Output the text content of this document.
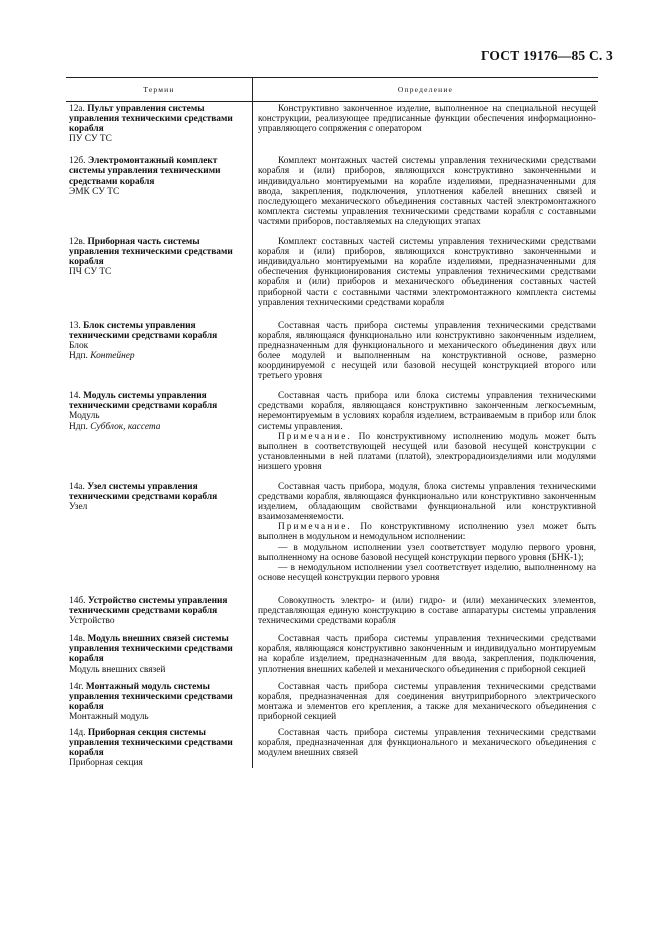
ГОСТ 19176—85 С. 3
Термин	Определение
12а. Пульт управления системы управления техническими средствами корабля
ПУ СУ ТС
Конструктивно законченное изделие, выполненное на специальной несущей конструкции, реализующее предписанные функции обеспечения информационно-управляющего сопряжения с оператором
12б. Электромонтажный комплект системы управления техническими средствами корабля
ЭМК СУ ТС
Комплект монтажных частей системы управления техническими средствами корабля и (или) приборов, являющихся конструктивно законченными и индивидуально монтируемыми на корабле изделиями, предназначенными для ввода, закрепления, подключения, уплотнения кабелей внешних связей и последующего механического объединения составных частей электромонтажного комплекта системы управления техническими средствами корабля с составными частями приборов, поставляемых на следующих этапах
12в. Приборная часть системы управления техническими средствами корабля
ПЧ СУ ТС
Комплект составных частей системы управления техническими средствами корабля и (или) приборов, являющихся конструктивно законченными и индивидуально монтируемыми на корабле изделиями, предназначенными для обеспечения функционирования системы управления техническими средствами корабля и (или) приборов и механического объединения составных частей приборной части с составными частями электромонтажного комплекта системы управления техническими средствами корабля
13. Блок системы управления техническими средствами корабля
Блок
Ндп. Контейнер
Составная часть прибора системы управления техническими средствами корабля, являющаяся функционально или конструктивно законченным изделием, предназначенным для функционального и механического объединения двух или более модулей и выполненным на конструктивной основе, размерно координируемой с несущей или базовой несущей конструкцией второго или третьего уровня
14. Модуль системы управления техническими средствами корабля
Модуль
Ндп. Субблок, кассета
Составная часть прибора или блока системы управления техническими средствами корабля, являющаяся конструктивно законченным легкосъемным, неремонтируемым в условиях корабля изделием, встраиваемым в прибор или блок системы управления.
Примечание. По конструктивному исполнению модуль может быть выполнен в соответствующей несущей или базовой несущей конструкции с установленными в ней платами (платой), электрорадиоизделиями или модулями низшего уровня
14а. Узел системы управления техническими средствами корабля
Узел
Составная часть прибора, модуля, блока системы управления техническими средствами корабля, являющаяся функционально или конструктивно законченным изделием, обладающим свойствами функциональной или конструктивной взаимозаменяемости.
Примечание. По конструктивному исполнению узел может быть выполнен в модульном и немодульном исполнении:
— в модульном исполнении узел соответствует модулю первого уровня, выполненному на основе базовой несущей конструкции первого уровня (БНК-1);
— в немодульном исполнении узел соответствует изделию, выполненному на основе несущей конструкции первого уровня
14б. Устройство системы управления техническими средствами корабля
Устройство
Совокупность электро- и (или) гидро- и (или) механических элементов, представляющая единую конструкцию в составе аппаратуры системы управления техническими средствами корабля
14в. Модуль внешних связей системы управления техническими средствами корабля
Модуль внешних связей
Составная часть прибора системы управления техническими средствами корабля, являющаяся конструктивно законченным и индивидуально монтируемым на корабле изделием, предназначенным для ввода, закрепления, подключения, уплотнения внешних кабелей и механического объединения с приборной секцией
14г. Монтажный модуль системы управления техническими средствами корабля
Монтажный модуль
Составная часть прибора системы управления техническими средствами корабля, предназначенная для соединения внутриприборного электрического монтажа и элементов его крепления, а также для механического объединения с приборной секцией
14д. Приборная секция системы управления техническими средствами корабля
Приборная секция
Составная часть прибора системы управления техническими средствами корабля, предназначенная для функционального и механического объединения с модулем внешних связей
